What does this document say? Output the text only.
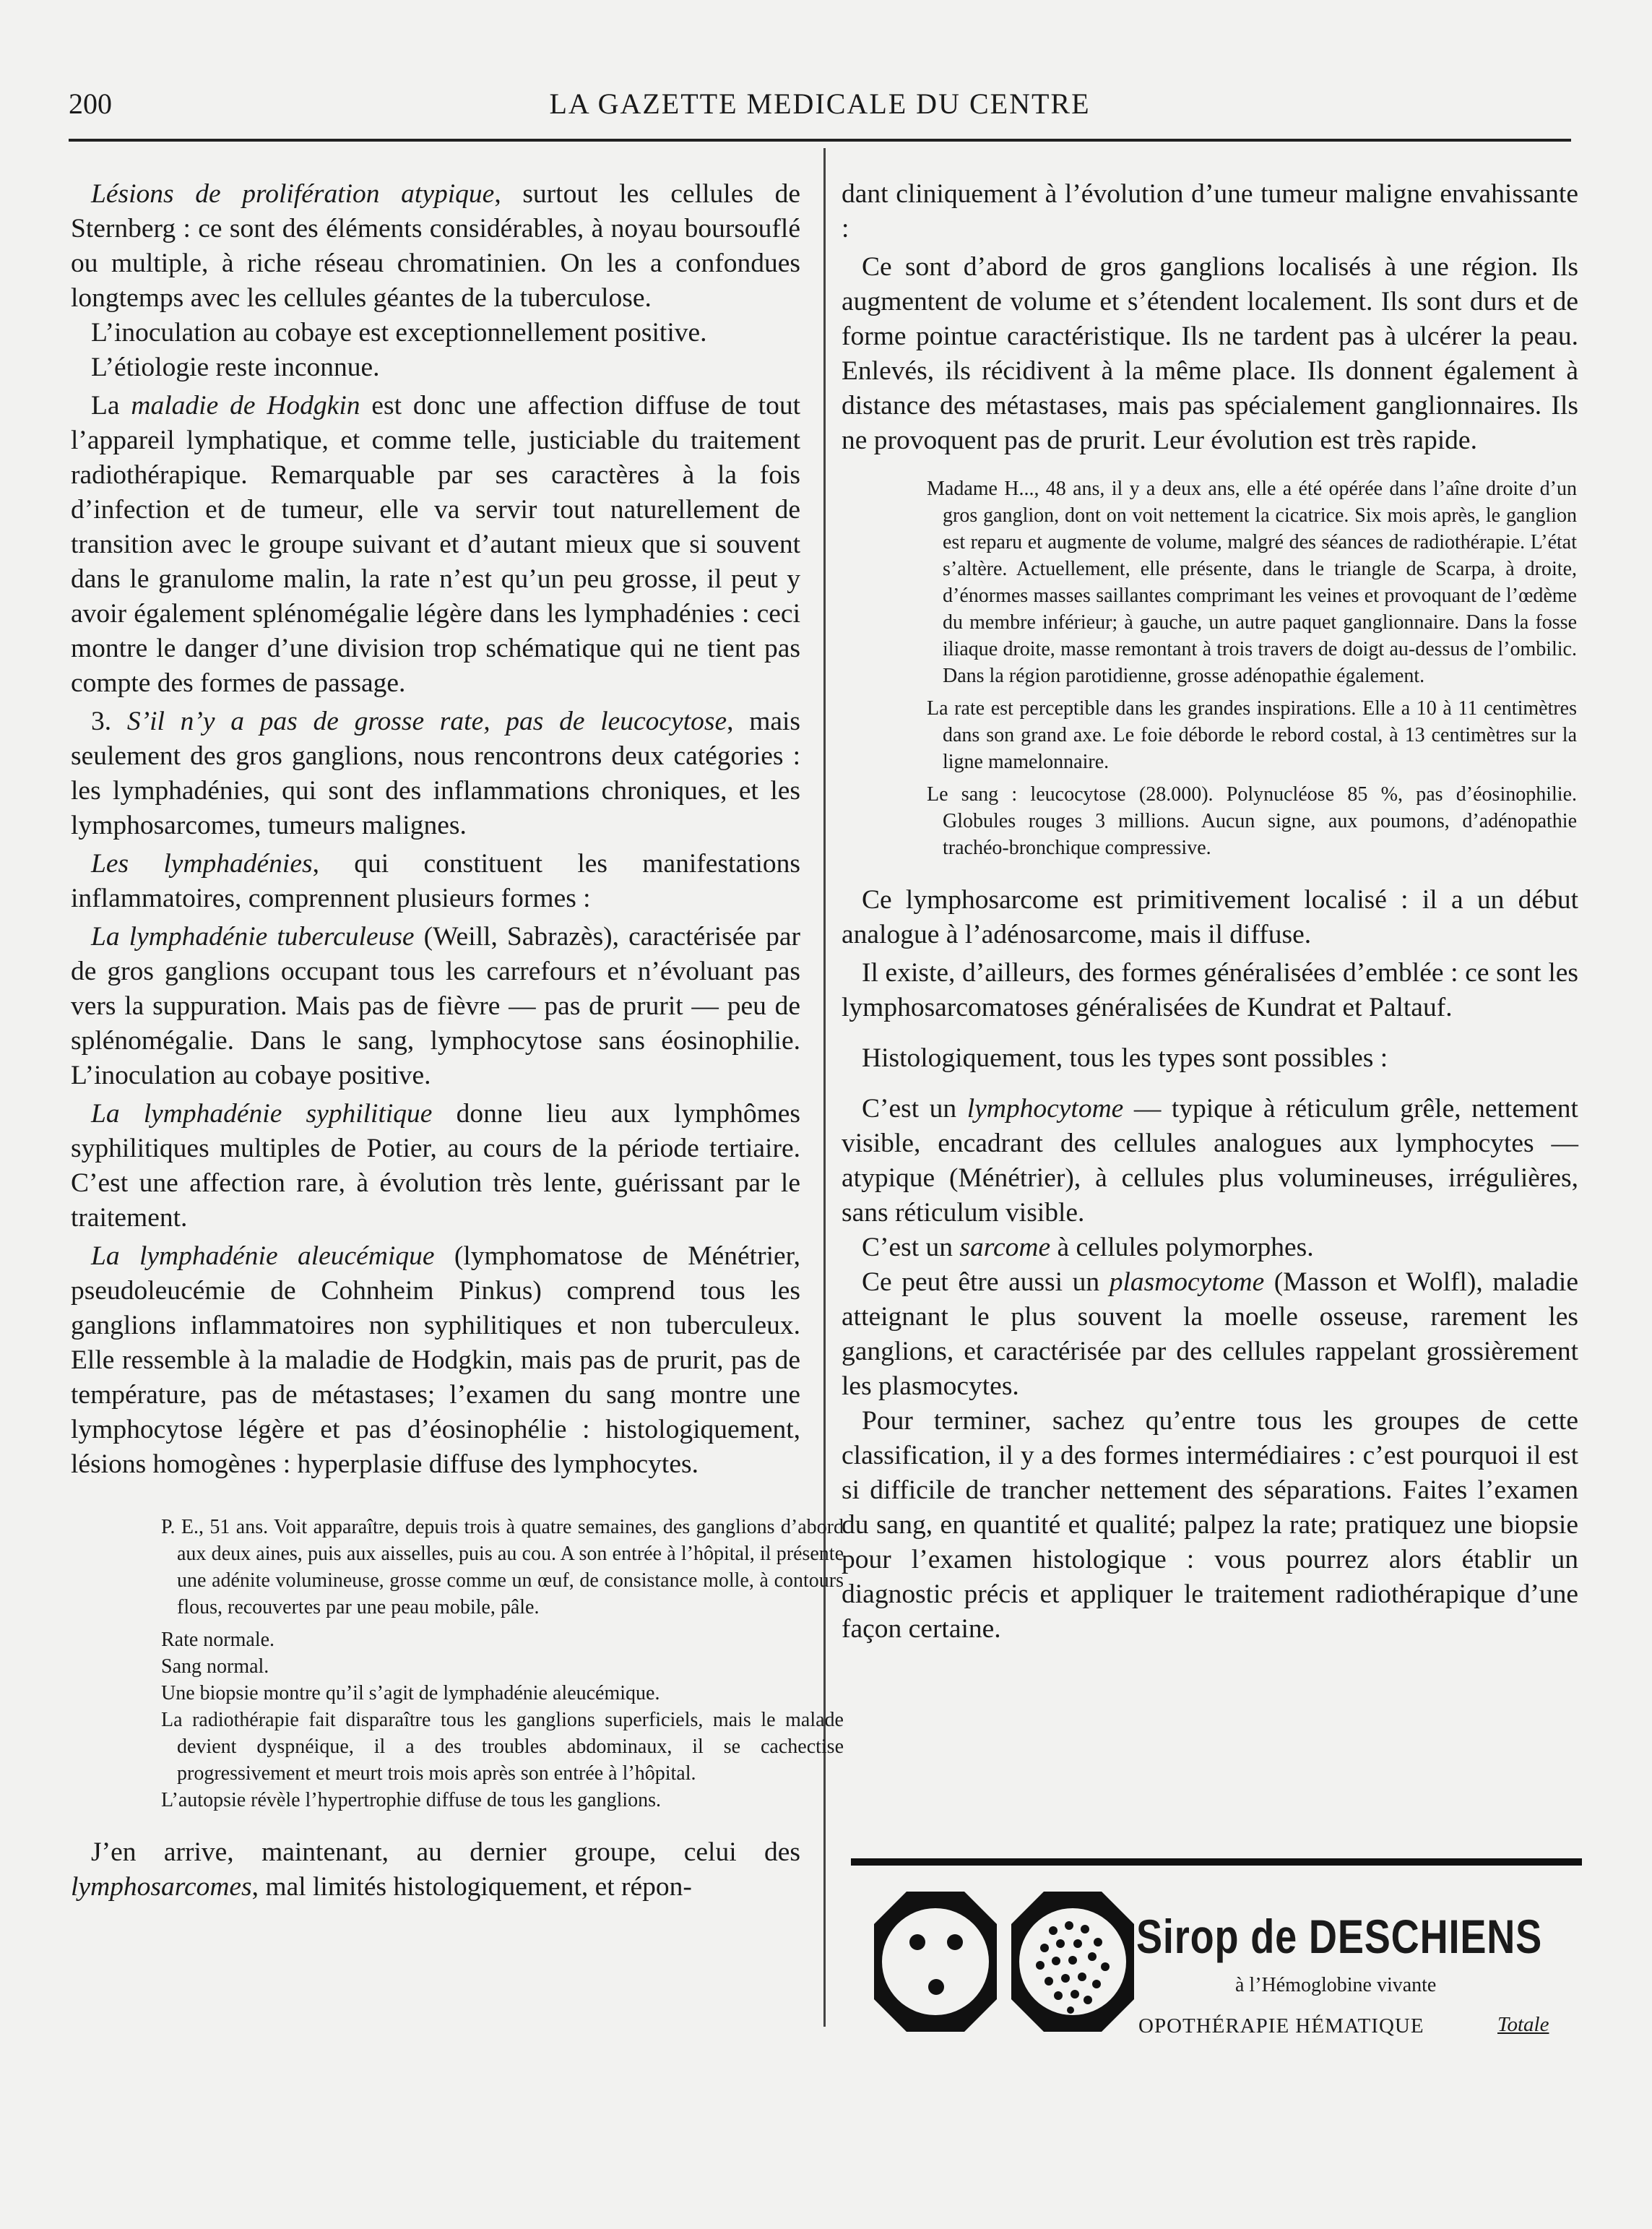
200	LA GAZETTE MEDICALE DU CENTRE

Lésions de prolifération atypique, surtout les cellules de Sternberg : ce sont des éléments considérables, à noyau boursouflé ou multiple, à riche réseau chromatinien. On les a confondues longtemps avec les cellules géantes de la tuberculose.

L’inoculation au cobaye est exceptionnellement positive.

L’étiologie reste inconnue.

La maladie de Hodgkin est donc une affection diffuse de tout l’appareil lymphatique, et comme telle, justiciable du traitement radiothérapique. Remarquable par ses caractères à la fois d’infection et de tumeur, elle va servir tout naturellement de transition avec le groupe suivant et d’autant mieux que si souvent dans le granulome malin, la rate n’est qu’un peu grosse, il peut y avoir également splénomégalie légère dans les lymphadénies : ceci montre le danger d’une division trop schématique qui ne tient pas compte des formes de passage.

3. S’il n’y a pas de grosse rate, pas de leucocytose, mais seulement des gros ganglions, nous rencontrons deux catégories : les lymphadénies, qui sont des inflammations chroniques, et les lymphosarcomes, tumeurs malignes.

Les lymphadénies, qui constituent les manifestations inflammatoires, comprennent plusieurs formes :

La lymphadénie tuberculeuse (Weill, Sabrazès), caractérisée par de gros ganglions occupant tous les carrefours et n’évoluant pas vers la suppuration. Mais pas de fièvre — pas de prurit — peu de splénomégalie. Dans le sang, lymphocytose sans éosinophilie. L’inoculation au cobaye positive.

La lymphadénie syphilitique donne lieu aux lymphômes syphilitiques multiples de Potier, au cours de la période tertiaire. C’est une affection rare, à évolution très lente, guérissant par le traitement.

La lymphadénie aleucémique (lymphomatose de Ménétrier, pseudoleucémie de Cohnheim Pinkus) comprend tous les ganglions inflammatoires non syphilitiques et non tuberculeux. Elle ressemble à la maladie de Hodgkin, mais pas de prurit, pas de température, pas de métastases; l’examen du sang montre une lymphocytose légère et pas d’éosinophélie : histologiquement, lésions homogènes : hyperplasie diffuse des lymphocytes.

P. E., 51 ans. Voit apparaître, depuis trois à quatre semaines, des ganglions d’abord aux deux aines, puis aux aisselles, puis au cou. A son entrée à l’hôpital, il présente une adénite volumineuse, grosse comme un œuf, de consistance molle, à contours flous, recouvertes par une peau mobile, pâle.

Rate normale.

Sang normal.

Une biopsie montre qu’il s’agit de lymphadénie aleucémique.

La radiothérapie fait disparaître tous les ganglions superficiels, mais le malade devient dyspnéique, il a des troubles abdominaux, il se cachectise progressivement et meurt trois mois après son entrée à l’hôpital.

L’autopsie révèle l’hypertrophie diffuse de tous les ganglions.

J’en arrive, maintenant, au dernier groupe, celui des lymphosarcomes, mal limités histologiquement, et répon-

dant cliniquement à l’évolution d’une tumeur maligne envahissante :

Ce sont d’abord de gros ganglions localisés à une région. Ils augmentent de volume et s’étendent localement. Ils sont durs et de forme pointue caractéristique. Ils ne tardent pas à ulcérer la peau. Enlevés, ils récidivent à la même place. Ils donnent également à distance des métastases, mais pas spécialement ganglionnaires. Ils ne provoquent pas de prurit. Leur évolution est très rapide.

Madame H..., 48 ans, il y a deux ans, elle a été opérée dans l’aîne droite d’un gros ganglion, dont on voit nettement la cicatrice. Six mois après, le ganglion est reparu et augmente de volume, malgré des séances de radiothérapie. L’état s’altère. Actuellement, elle présente, dans le triangle de Scarpa, à droite, d’énormes masses saillantes comprimant les veines et provoquant de l’œdème du membre inférieur; à gauche, un autre paquet ganglionnaire. Dans la fosse iliaque droite, masse remontant à trois travers de doigt au-dessus de l’ombilic. Dans la région parotidienne, grosse adénopathie également.

La rate est perceptible dans les grandes inspirations. Elle a 10 à 11 centimètres dans son grand axe. Le foie déborde le rebord costal, à 13 centimètres sur la ligne mamelonnaire.

Le sang : leucocytose (28.000). Polynucléose 85 %, pas d’éosinophilie. Globules rouges 3 millions. Aucun signe, aux poumons, d’adénopathie trachéo-bronchique compressive.

Ce lymphosarcome est primitivement localisé : il a un début analogue à l’adénosarcome, mais il diffuse.

Il existe, d’ailleurs, des formes généralisées d’emblée : ce sont les lymphosarcomatoses généralisées de Kundrat et Paltauf.

Histologiquement, tous les types sont possibles :

C’est un lymphocytome — typique à réticulum grêle, nettement visible, encadrant des cellules analogues aux lymphocytes — atypique (Ménétrier), à cellules plus volumineuses, irrégulières, sans réticulum visible.

C’est un sarcome à cellules polymorphes.

Ce peut être aussi un plasmocytome (Masson et Wolfl), maladie atteignant le plus souvent la moelle osseuse, rarement les ganglions, et caractérisée par des cellules rappelant grossièrement les plasmocytes.

Pour terminer, sachez qu’entre tous les groupes de cette classification, il y a des formes intermédiaires : c’est pourquoi il est si difficile de trancher nettement des séparations. Faites l’examen du sang, en quantité et qualité; palpez la rate; pratiquez une biopsie pour l’examen histologique : vous pourrez alors établir un diagnostic précis et appliquer le traitement radiothérapique d’une façon certaine.

Sirop de DESCHIENS
à l’Hémoglobine vivante
OPOTHÉRAPIE HÉMATIQUE	Totale
